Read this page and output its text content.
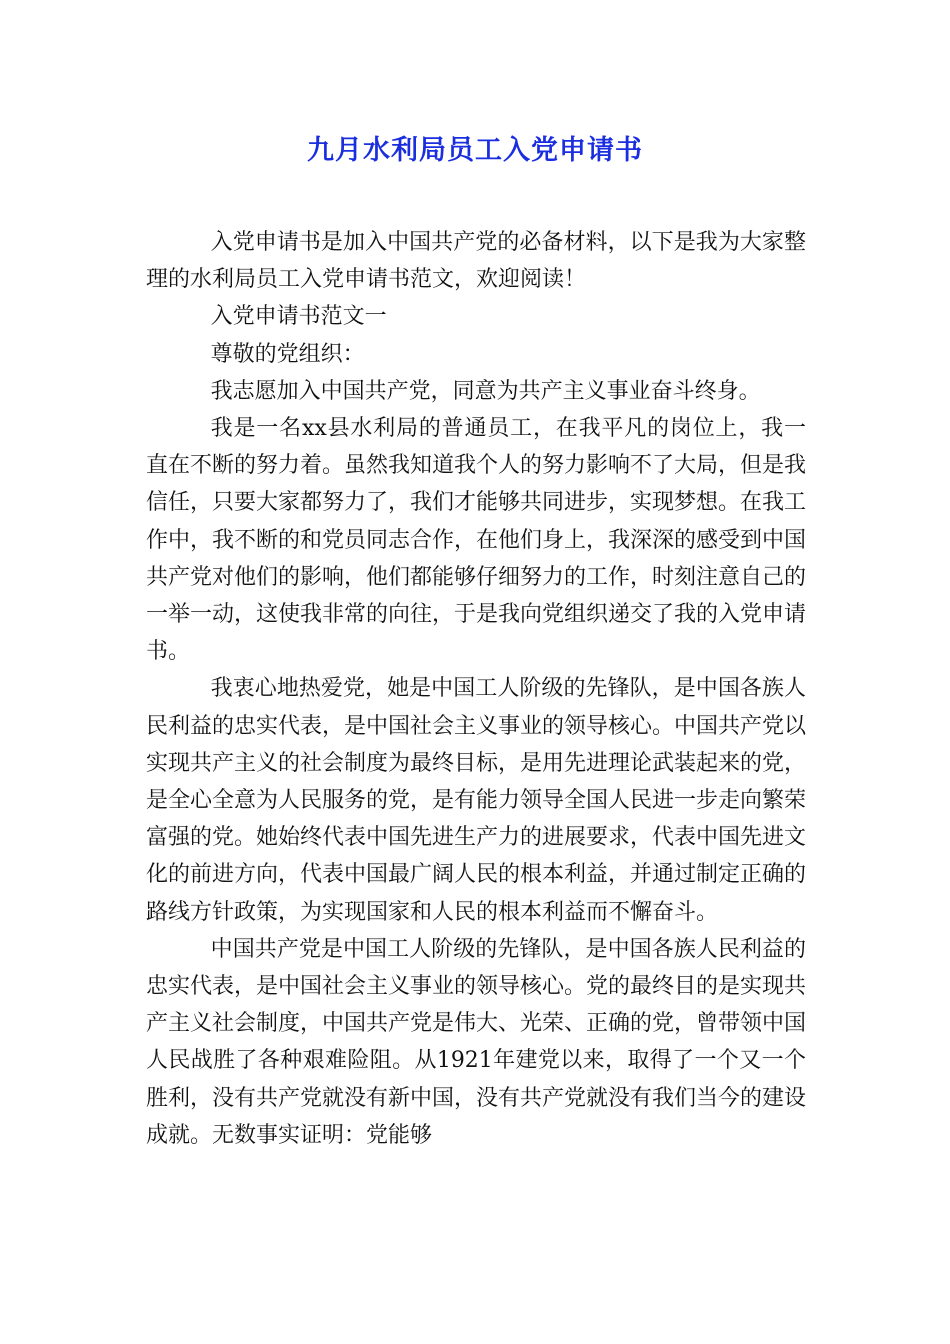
九月水利局员工入党申请书

入党申请书是加入中国共产党的必备材料，以下是我为大家整理的水利局员工入党申请书范文，欢迎阅读！

入党申请书范文一

尊敬的党组织：

我志愿加入中国共产党，同意为共产主义事业奋斗终身。

我是一名xx县水利局的普通员工，在我平凡的岗位上，我一直在不断的努力着。虽然我知道我个人的努力影响不了大局，但是我信任，只要大家都努力了，我们才能够共同进步，实现梦想。在我工作中，我不断的和党员同志合作，在他们身上，我深深的感受到中国共产党对他们的影响，他们都能够仔细努力的工作，时刻注意自己的一举一动，这使我非常的向往，于是我向党组织递交了我的入党申请书。

我衷心地热爱党，她是中国工人阶级的先锋队，是中国各族人民利益的忠实代表，是中国社会主义事业的领导核心。中国共产党以实现共产主义的社会制度为最终目标，是用先进理论武装起来的党，是全心全意为人民服务的党，是有能力领导全国人民进一步走向繁荣富强的党。她始终代表中国先进生产力的进展要求，代表中国先进文化的前进方向，代表中国最广阔人民的根本利益，并通过制定正确的路线方针政策，为实现国家和人民的根本利益而不懈奋斗。

中国共产党是中国工人阶级的先锋队，是中国各族人民利益的忠实代表，是中国社会主义事业的领导核心。党的最终目的是实现共产主义社会制度，中国共产党是伟大、光荣、正确的党，曾带领中国人民战胜了各种艰难险阻。从1921年建党以来，取得了一个又一个胜利，没有共产党就没有新中国，没有共产党就没有我们当今的建设成就。无数事实证明：党能够
